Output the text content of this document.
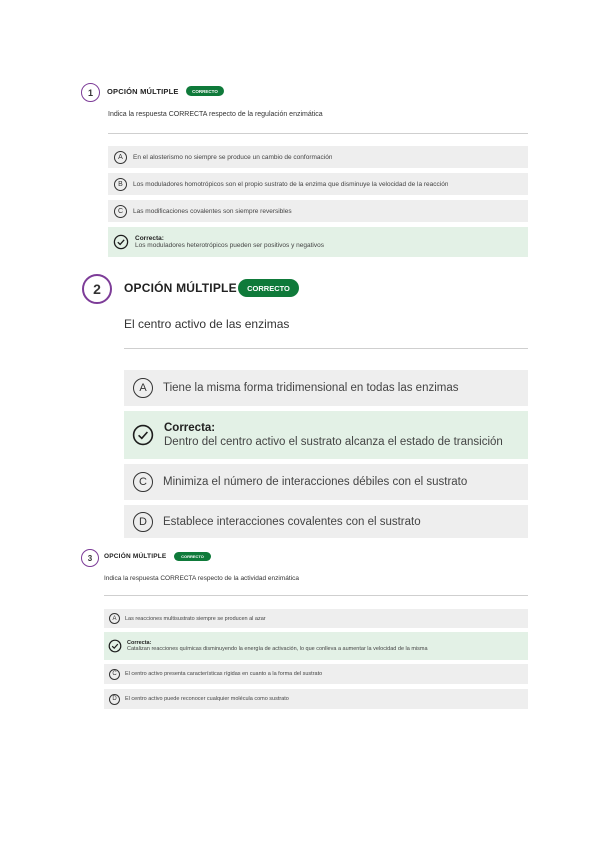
1	OPCIÓN MÚLTIPLE	CORRECTO
Indica la respuesta CORRECTA respecto de la regulación enzimática
A	En el alosterismo no siempre se produce un cambio de conformación
B	Los moduladores homotrópicos son el propio sustrato de la enzima que disminuye la velocidad de la reacción
C	Las modificaciones covalentes son siempre reversibles
Correcta:
Los moduladores heterotrópicos pueden ser positivos y negativos
2	OPCIÓN MÚLTIPLE	CORRECTO
El centro activo de las enzimas
A	Tiene la misma forma tridimensional en todas las enzimas
Correcta:
Dentro del centro activo el sustrato alcanza el estado de transición
C	Minimiza el número de interacciones débiles con el sustrato
D	Establece interacciones covalentes con el sustrato
3	OPCIÓN MÚLTIPLE	CORRECTO
Indica la respuesta CORRECTA respecto de la actividad enzimática
A	Las reacciones multisustrato siempre se producen al azar
Correcta:
Catalizan reacciones químicas disminuyendo la energía de activación, lo que conlleva a aumentar la velocidad de la misma
C	El centro activo presenta características rígidas en cuanto a la forma del sustrato
D	El centro activo puede reconocer cualquier molécula como sustrato
